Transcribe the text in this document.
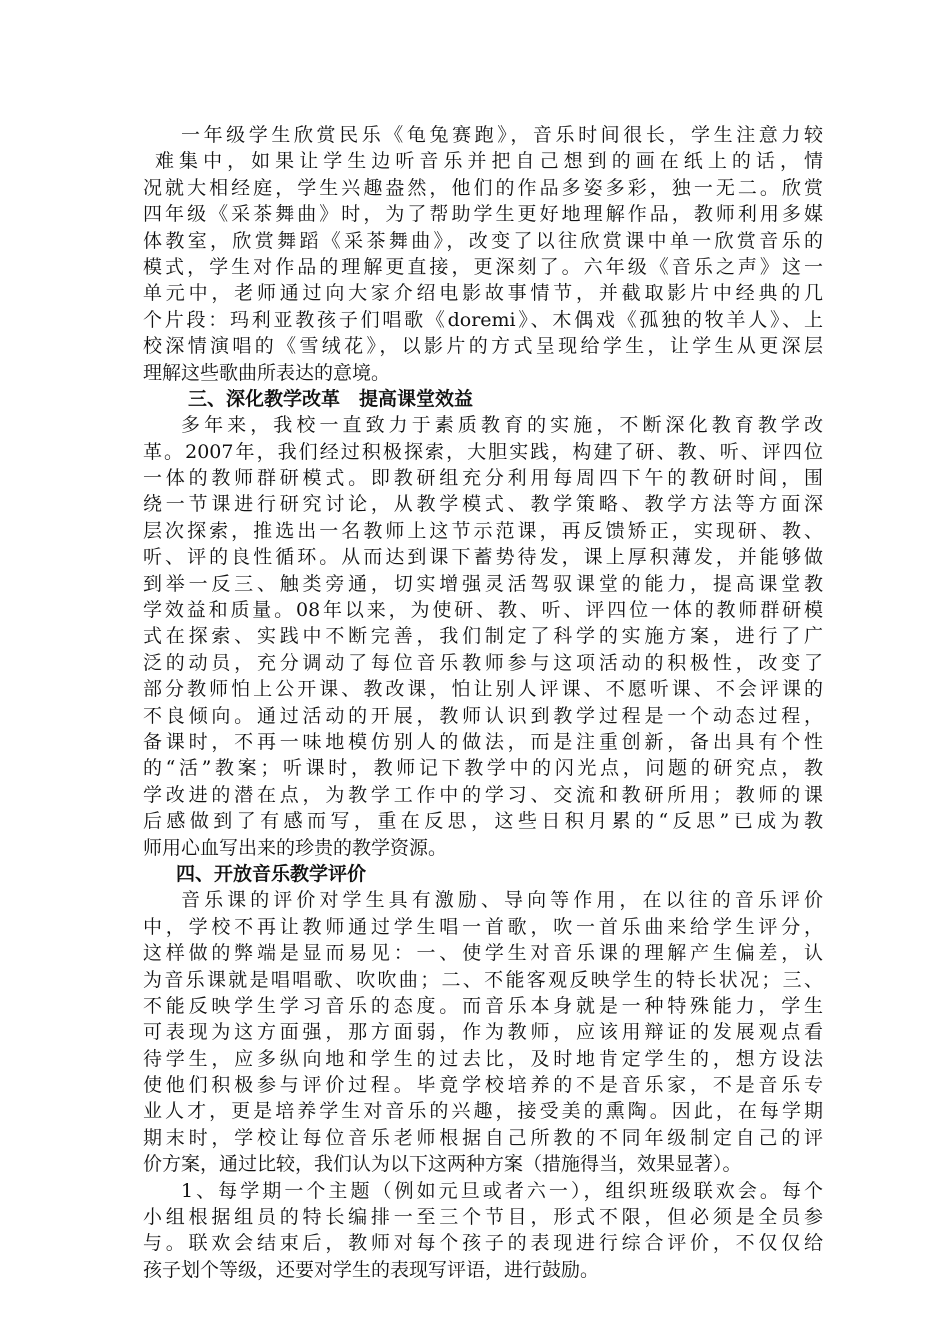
一年级学生欣赏民乐《龟兔赛跑》，音乐时间很长，学生注意力较
难集中，如果让学生边听音乐并把自己想到的画在纸上的话，情
况就大相经庭，学生兴趣盎然，他们的作品多姿多彩，独一无二。欣赏
四年级《采茶舞曲》时，为了帮助学生更好地理解作品，教师利用多媒
体教室，欣赏舞蹈《采茶舞曲》，改变了以往欣赏课中单一欣赏音乐的
模式，学生对作品的理解更直接，更深刻了。六年级《音乐之声》这一
单元中，老师通过向大家介绍电影故事情节，并截取影片中经典的几
个片段：玛利亚教孩子们唱歌《doremi》、木偶戏《孤独的牧羊人》、上
校深情演唱的《雪绒花》，以影片的方式呈现给学生，让学生从更深层
理解这些歌曲所表达的意境。
三、深化教学改革　提高课堂效益
多年来，我校一直致力于素质教育的实施，不断深化教育教学改
革。2007年，我们经过积极探索，大胆实践，构建了研、教、听、评四位
一体的教师群研模式。即教研组充分利用每周四下午的教研时间，围
绕一节课进行研究讨论，从教学模式、教学策略、教学方法等方面深
层次探索，推选出一名教师上这节示范课，再反馈矫正，实现研、教、
听、评的良性循环。从而达到课下蓄势待发，课上厚积薄发，并能够做
到举一反三、触类旁通，切实增强灵活驾驭课堂的能力，提高课堂教
学效益和质量。08年以来，为使研、教、听、评四位一体的教师群研模
式在探索、实践中不断完善，我们制定了科学的实施方案，进行了广
泛的动员，充分调动了每位音乐教师参与这项活动的积极性，改变了
部分教师怕上公开课、教改课，怕让别人评课、不愿听课、不会评课的
不良倾向。通过活动的开展，教师认识到教学过程是一个动态过程，
备课时，不再一味地模仿别人的做法，而是注重创新，备出具有个性
的“活”教案；听课时，教师记下教学中的闪光点，问题的研究点，教
学改进的潜在点，为教学工作中的学习、交流和教研所用；教师的课
后感做到了有感而写，重在反思，这些日积月累的“反思”已成为教
师用心血写出来的珍贵的教学资源。
四、开放音乐教学评价
音乐课的评价对学生具有激励、导向等作用，在以往的音乐评价
中，学校不再让教师通过学生唱一首歌，吹一首乐曲来给学生评分，
这样做的弊端是显而易见：一、使学生对音乐课的理解产生偏差，认
为音乐课就是唱唱歌、吹吹曲；二、不能客观反映学生的特长状况；三、
不能反映学生学习音乐的态度。而音乐本身就是一种特殊能力，学生
可表现为这方面强，那方面弱，作为教师，应该用辩证的发展观点看
待学生，应多纵向地和学生的过去比，及时地肯定学生的，想方设法
使他们积极参与评价过程。毕竟学校培养的不是音乐家，不是音乐专
业人才，更是培养学生对音乐的兴趣，接受美的熏陶。因此，在每学期
期末时，学校让每位音乐老师根据自己所教的不同年级制定自己的评
价方案，通过比较，我们认为以下这两种方案（措施得当，效果显著）。
1、每学期一个主题（例如元旦或者六一），组织班级联欢会。每个
小组根据组员的特长编排一至三个节目，形式不限，但必须是全员参
与。联欢会结束后，教师对每个孩子的表现进行综合评价，不仅仅给
孩子划个等级，还要对学生的表现写评语，进行鼓励。
